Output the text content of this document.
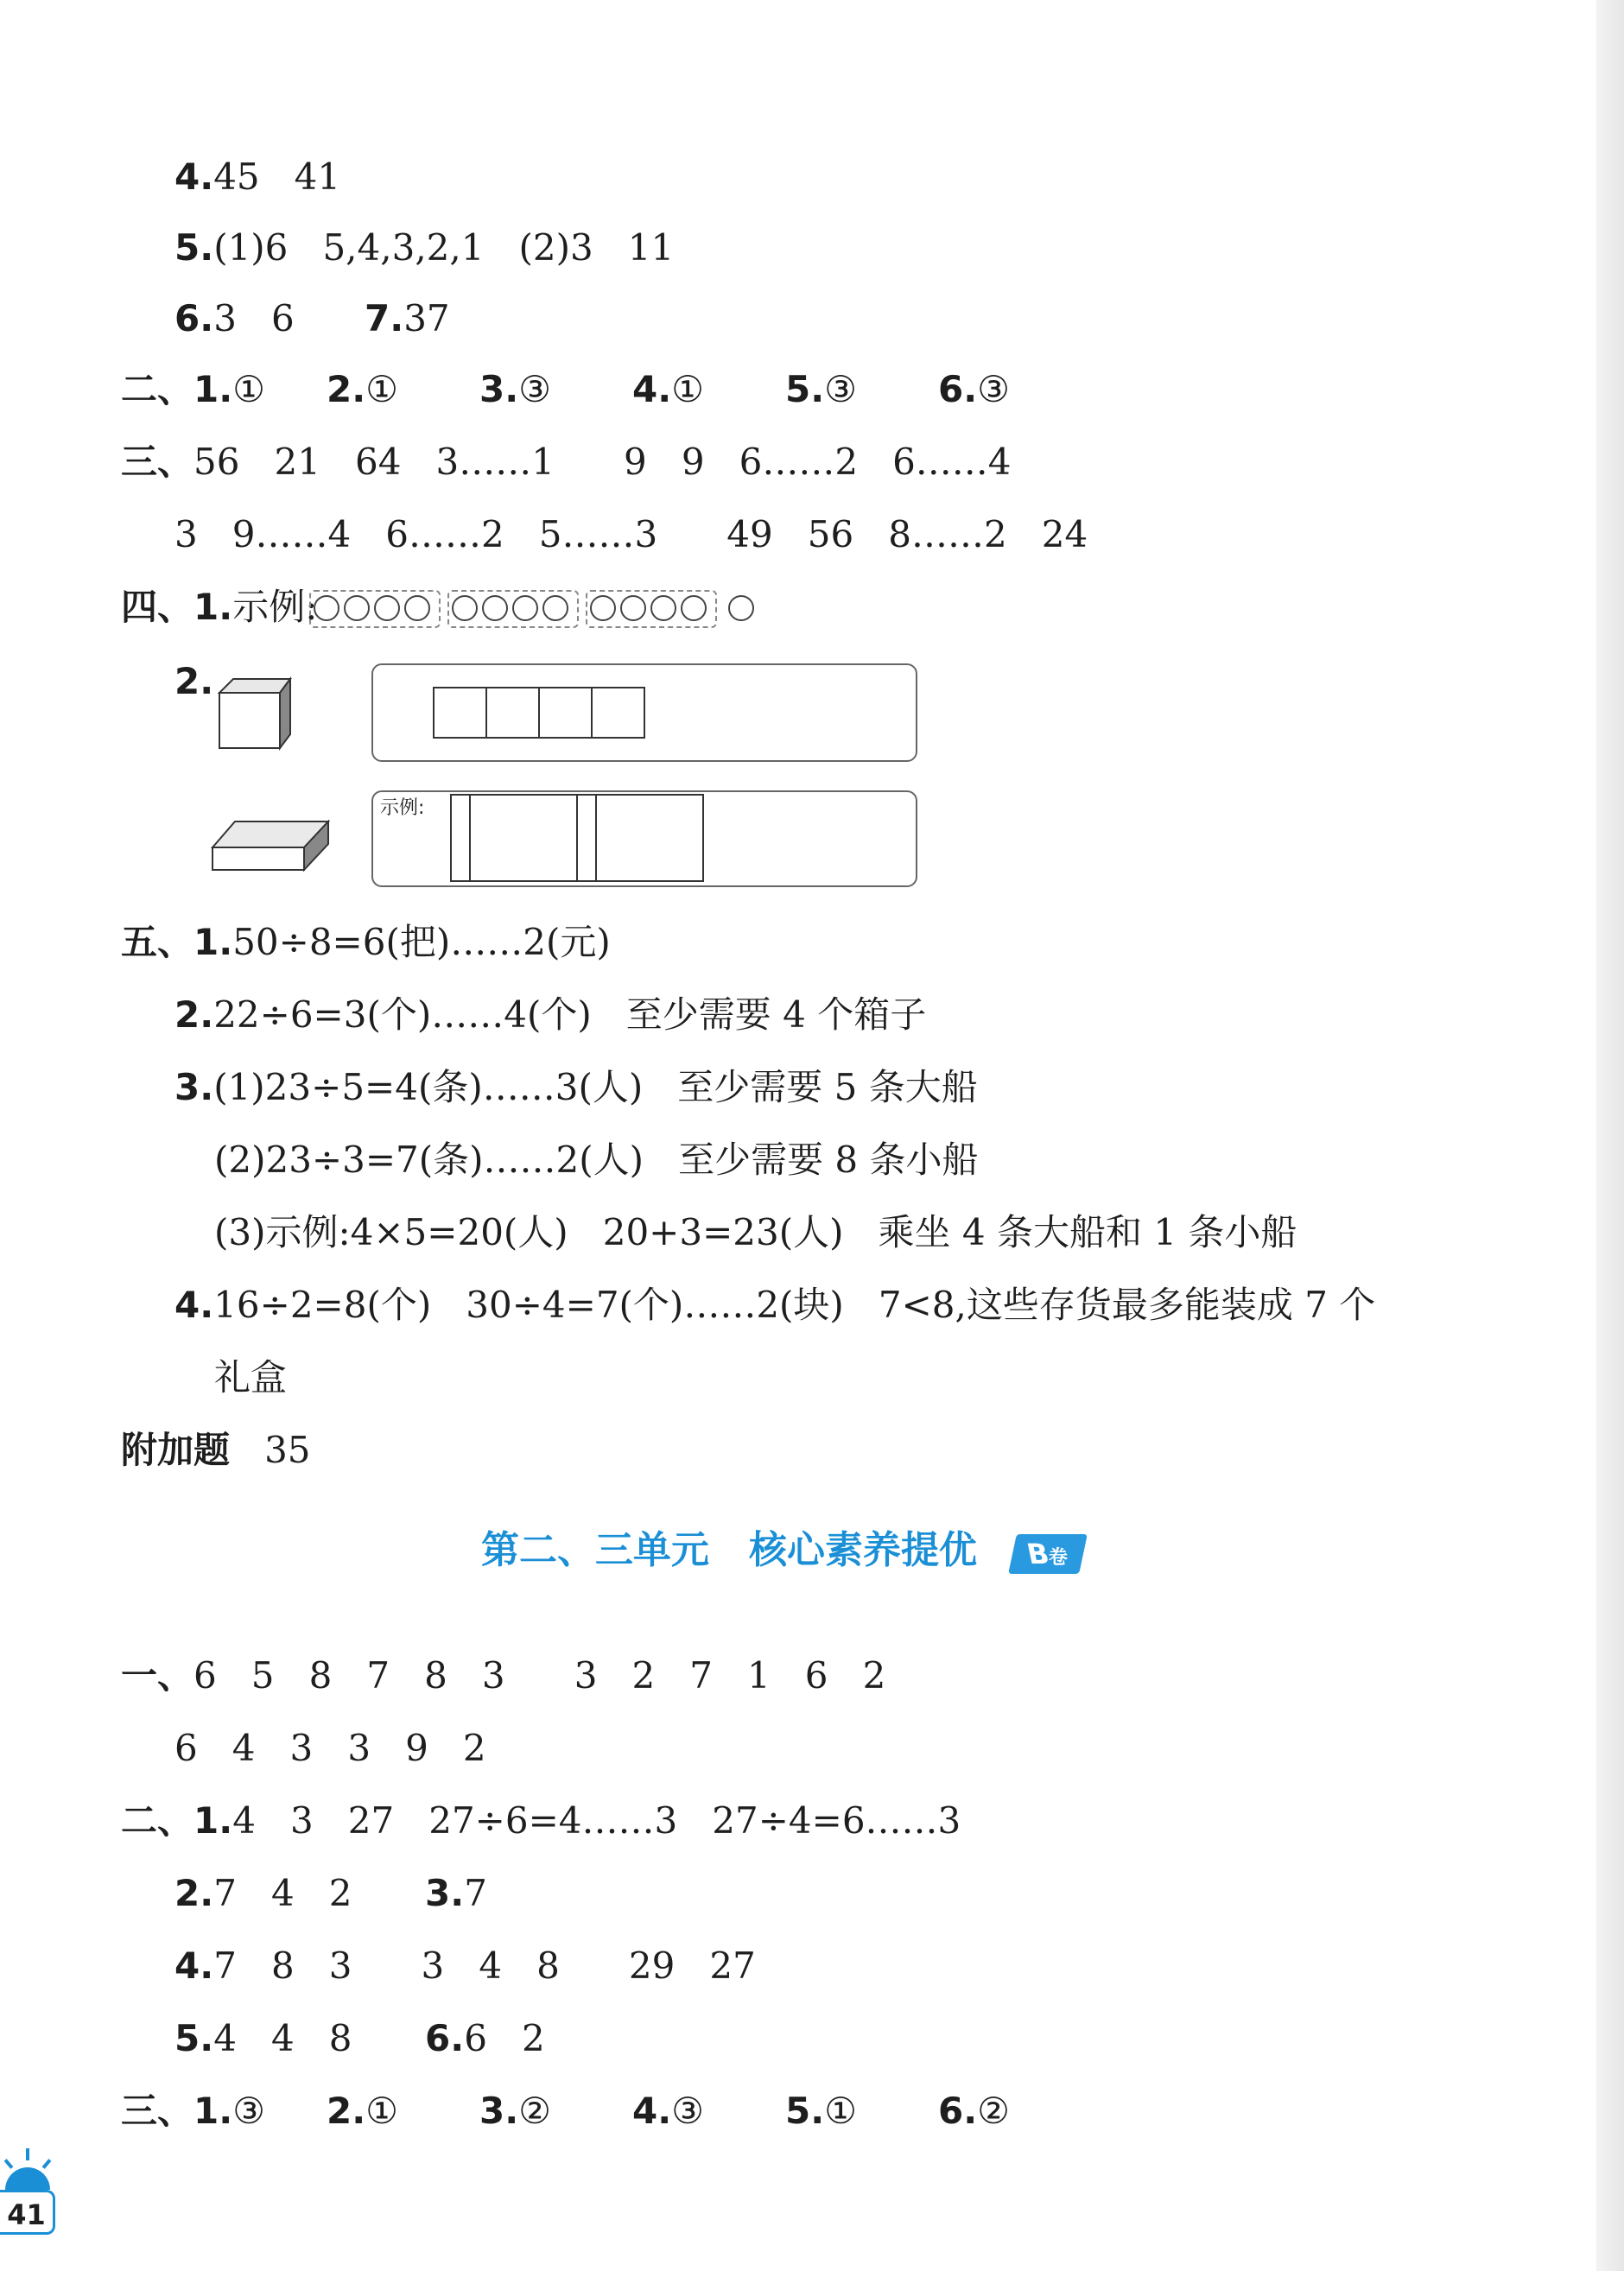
4.45   41
5.(1)6   5,4,3,2,1   (2)3   11
6.3   6 7.37
二、1.① 2.① 3.③ 4.① 5.③ 6.③
三、56   21   64   3……1      9   9   6……2   6……4
3   9……4   6……2   5……3      49   56   8……2   24
四、1.示例:
2.
示例:
五、1.50÷8=6(把)……2(元)
2.22÷6=3(个)……4(个)   至少需要 4 个箱子
3.(1)23÷5=4(条)……3(人)   至少需要 5 条大船
(2)23÷3=7(条)……2(人)   至少需要 8 条小船
(3)示例:4×5=20(人)   20+3=23(人)   乘坐 4 条大船和 1 条小船
4.16÷2=8(个)   30÷4=7(个)……2(块)   7<8,这些存货最多能装成 7 个
礼盒
附加题 35
第二、三单元   核心素养提优	B卷
一、6   5   8   7   8   3      3   2   7   1   6   2
6   4   3   3   9   2
二、1.4   3   27   27÷6=4……3   27÷4=6……3
2.7   4   2 3.7
4.7   8   3      3   4   8      29   27
5.4   4   8 6.6   2
三、1.③ 2.① 3.② 4.③ 5.① 6.②
41
